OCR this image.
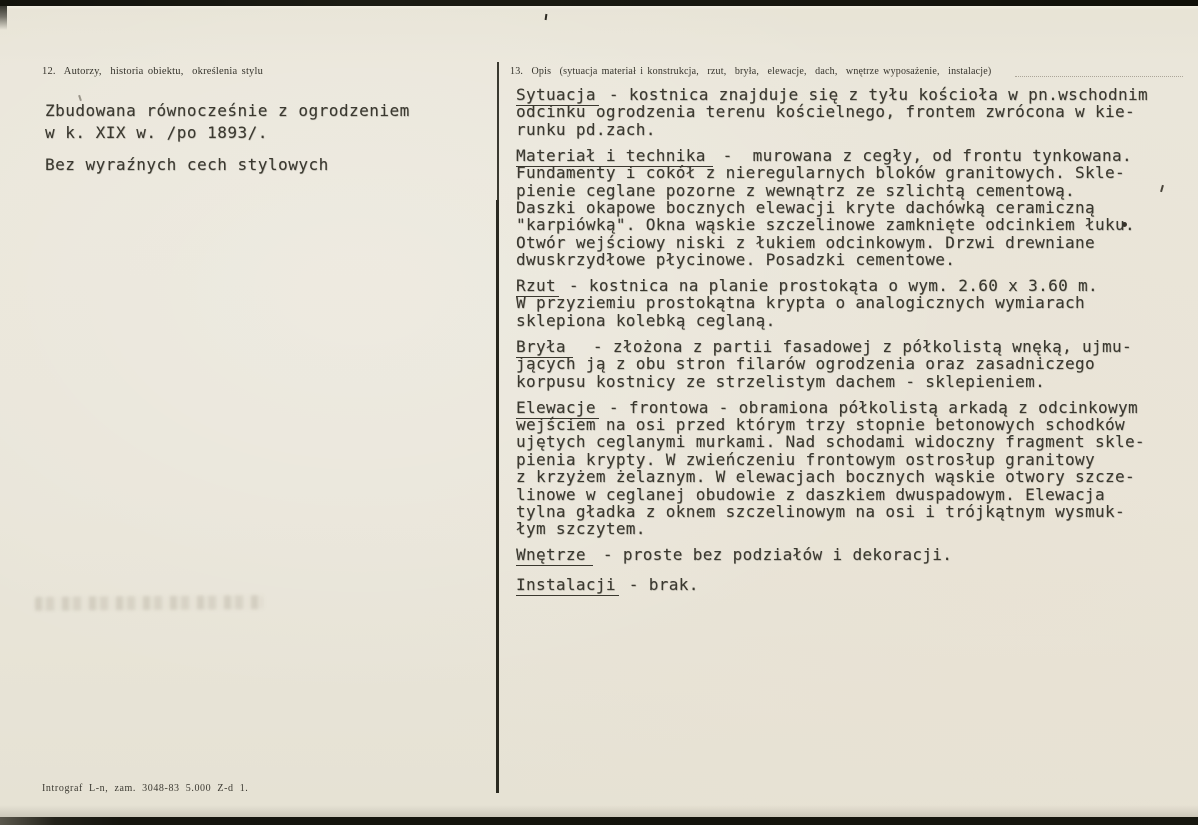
12.  Autorzy,  historia obiektu,  określenia stylu
Zbudowana równocześnie z ogrodzeniem
w k. XIX w. /po 1893/.
Bez wyraźnych cech stylowych
Intrograf L-n, zam. 3048-83 5.000 Z-d 1.
13.  Opis  (sytuacja materiał i konstrukcja,  rzut,  bryła,  elewacje,  dach,  wnętrze wyposażenie,  instalacje)
Sytuacja - kostnica znajduje się z tyłu kościoła w pn.wschodnim
odcinku ogrodzenia terenu kościelnego, frontem zwrócona w kie-
runku pd.zach.
Materiał i technika -  murowana z cegły, od frontu tynkowana.
Fundamenty i cokół z nieregularnych bloków granitowych. Skle-
pienie ceglane pozorne z wewnątrz ze szlichtą cementową.
Daszki okapowe bocznych elewacji kryte dachówką ceramiczną
"karpiówką". Okna wąskie szczelinowe zamknięte odcinkiem łuku.
Otwór wejściowy niski z łukiem odcinkowym. Drzwi drewniane
dwuskrzydłowe płycinowe. Posadzki cementowe.
Rzut - kostnica na planie prostokąta o wym. 2.60 x 3.60 m.
W przyziemiu prostokątna krypta o analogicznych wymiarach
sklepiona kolebką ceglaną.
Bryła  - złożona z partii fasadowej z półkolistą wnęką, ujmu-
jących ją z obu stron filarów ogrodzenia oraz zasadniczego
korpusu kostnicy ze strzelistym dachem - sklepieniem.
Elewacje - frontowa - obramiona półkolistą arkadą z odcinkowym
wejściem na osi przed którym trzy stopnie betonowych schodków
ujętych ceglanymi murkami. Nad schodami widoczny fragment skle-
pienia krypty. W zwieńczeniu frontowym ostrosłup granitowy
z krzyżem żelaznym. W elewacjach bocznych wąskie otwory szcze-
linowe w ceglanej obudowie z daszkiem dwuspadowym. Elewacja
tylna gładka z oknem szczelinowym na osi i trójkątnym wysmuk-
łym szczytem.
Wnętrze - proste bez podziałów i dekoracji.
Instalacji - brak.
